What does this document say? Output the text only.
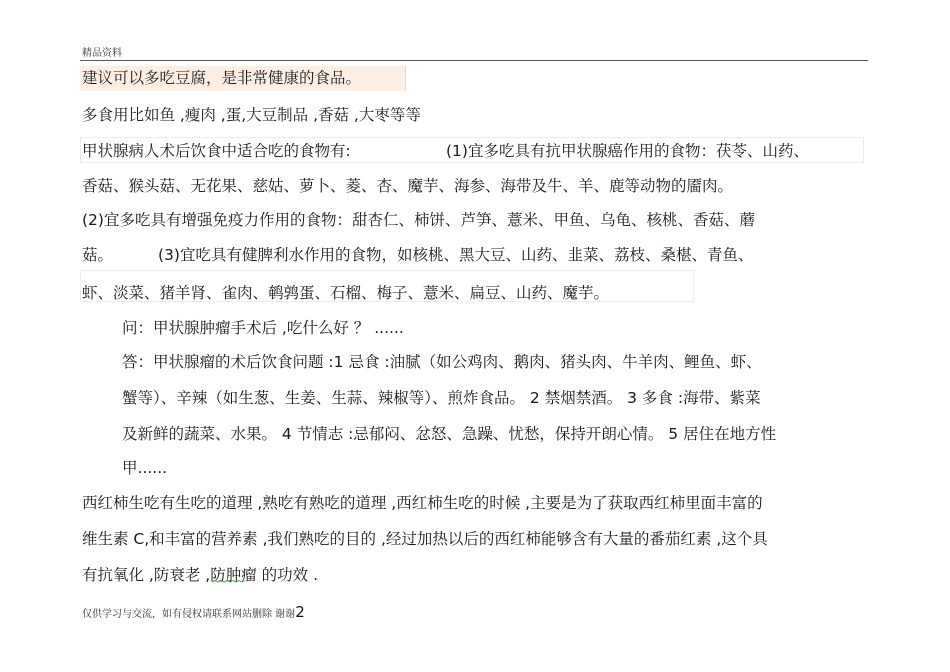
精品资料
建议可以多吃豆腐，是非常健康的食品。
多食用比如鱼 ,瘦肉 ,蛋,大豆制品 ,香菇 ,大枣等等
甲状腺病人术后饮食中适合吃的食物有:	(1)宜多吃具有抗甲状腺癌作用的食物：茯苓、山药、
香菇、猴头菇、无花果、慈姑、萝卜、菱、杏、魔芋、海参、海带及牛、羊、鹿等动物的靥肉。
(2)宜多吃具有增强免疫力作用的食物：甜杏仁、柿饼、芦笋、薏米、甲鱼、乌龟、核桃、香菇、蘑
菇。	(3)宜吃具有健脾利水作用的食物，如核桃、黑大豆、山药、韭菜、荔枝、桑椹、青鱼、
虾、淡菜、猪羊肾、雀肉、鹌鹑蛋、石榴、梅子、薏米、扁豆、山药、魔芋。
问：甲状腺肿瘤手术后 ,吃什么好 ？ ......
答：甲状腺瘤的术后饮食问题 :1 忌食 :油腻（如公鸡肉、鹅肉、猪头肉、牛羊肉、鲤鱼、虾、
蟹等）、辛辣（如生葱、生姜、生蒜、辣椒等）、煎炸食品。 2 禁烟禁酒。 3 多食 :海带、紫菜
及新鲜的蔬菜、水果。 4 节情志 :忌郁闷、忿怒、急躁、忧愁，保持开朗心情。 5 居住在地方性
甲......
西红柿生吃有生吃的道理 ,熟吃有熟吃的道理 ,西红柿生吃的时候 ,主要是为了获取西红柿里面丰富的
维生素 C,和丰富的营养素 ,我们熟吃的目的 ,经过加热以后的西红柿能够含有大量的番茄红素 ,这个具
有抗氧化 ,防衰老 ,防肿瘤 的功效 .
仅供学习与交流，如有侵权请联系网站删除 谢谢2
